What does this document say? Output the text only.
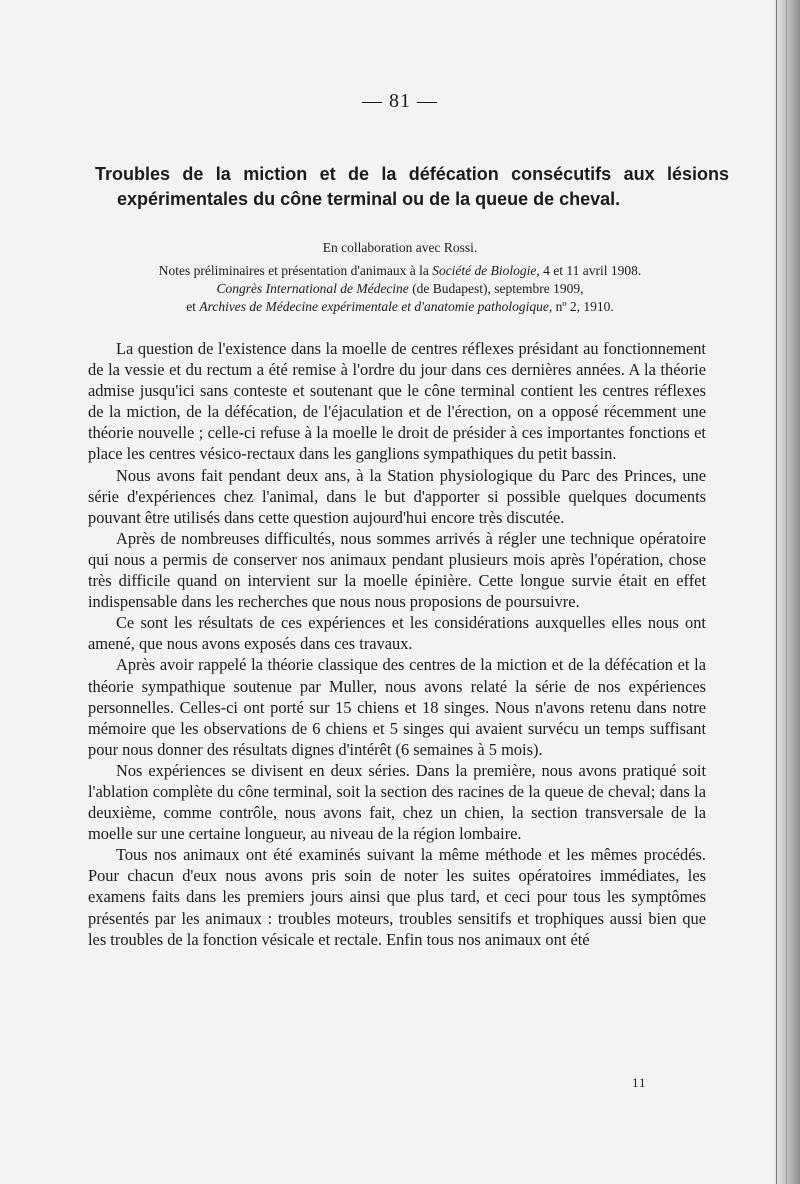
— 81 —
Troubles de la miction et de la défécation consécutifs aux lésions expérimentales du cône terminal ou de la queue de cheval.

En collaboration avec Rossi.

Notes préliminaires et présentation d'animaux à la Société de Biologie, 4 et 11 avril 1908.

Congrès International de Médecine (de Budapest), septembre 1909,

et Archives de Médecine expérimentale et d'anatomie pathologique, nº 2, 1910.

La question de l'existence dans la moelle de centres réflexes présidant au fonctionnement de la vessie et du rectum a été remise à l'ordre du jour dans ces dernières années. A la théorie admise jusqu'ici sans conteste et soutenant que le cône terminal contient les centres réflexes de la miction, de la défécation, de l'éjaculation et de l'érection, on a opposé récemment une théorie nouvelle ; celle-ci refuse à la moelle le droit de présider à ces importantes fonctions et place les centres vésico-rectaux dans les ganglions sympathiques du petit bassin.

Nous avons fait pendant deux ans, à la Station physiologique du Parc des Princes, une série d'expériences chez l'animal, dans le but d'apporter si possible quelques documents pouvant être utilisés dans cette question aujourd'hui encore très discutée.

Après de nombreuses difficultés, nous sommes arrivés à régler une technique opératoire qui nous a permis de conserver nos animaux pendant plusieurs mois après l'opération, chose très difficile quand on intervient sur la moelle épinière. Cette longue survie était en effet indispensable dans les recherches que nous nous proposions de poursuivre.

Ce sont les résultats de ces expériences et les considérations auxquelles elles nous ont amené, que nous avons exposés dans ces travaux.

Après avoir rappelé la théorie classique des centres de la miction et de la défécation et la théorie sympathique soutenue par Muller, nous avons relaté la série de nos expériences personnelles. Celles-ci ont porté sur 15 chiens et 18 singes. Nous n'avons retenu dans notre mémoire que les observations de 6 chiens et 5 singes qui avaient survécu un temps suffisant pour nous donner des résultats dignes d'intérêt (6 semaines à 5 mois).

Nos expériences se divisent en deux séries. Dans la première, nous avons pratiqué soit l'ablation complète du cône terminal, soit la section des racines de la queue de cheval; dans la deuxième, comme contrôle, nous avons fait, chez un chien, la section transversale de la moelle sur une certaine longueur, au niveau de la région lombaire.

Tous nos animaux ont été examinés suivant la même méthode et les mêmes procédés. Pour chacun d'eux nous avons pris soin de noter les suites opératoires immédiates, les examens faits dans les premiers jours ainsi que plus tard, et ceci pour tous les symptômes présentés par les animaux : troubles moteurs, troubles sensitifs et trophiques aussi bien que les troubles de la fonction vésicale et rectale. Enfin tous nos animaux ont été

11
